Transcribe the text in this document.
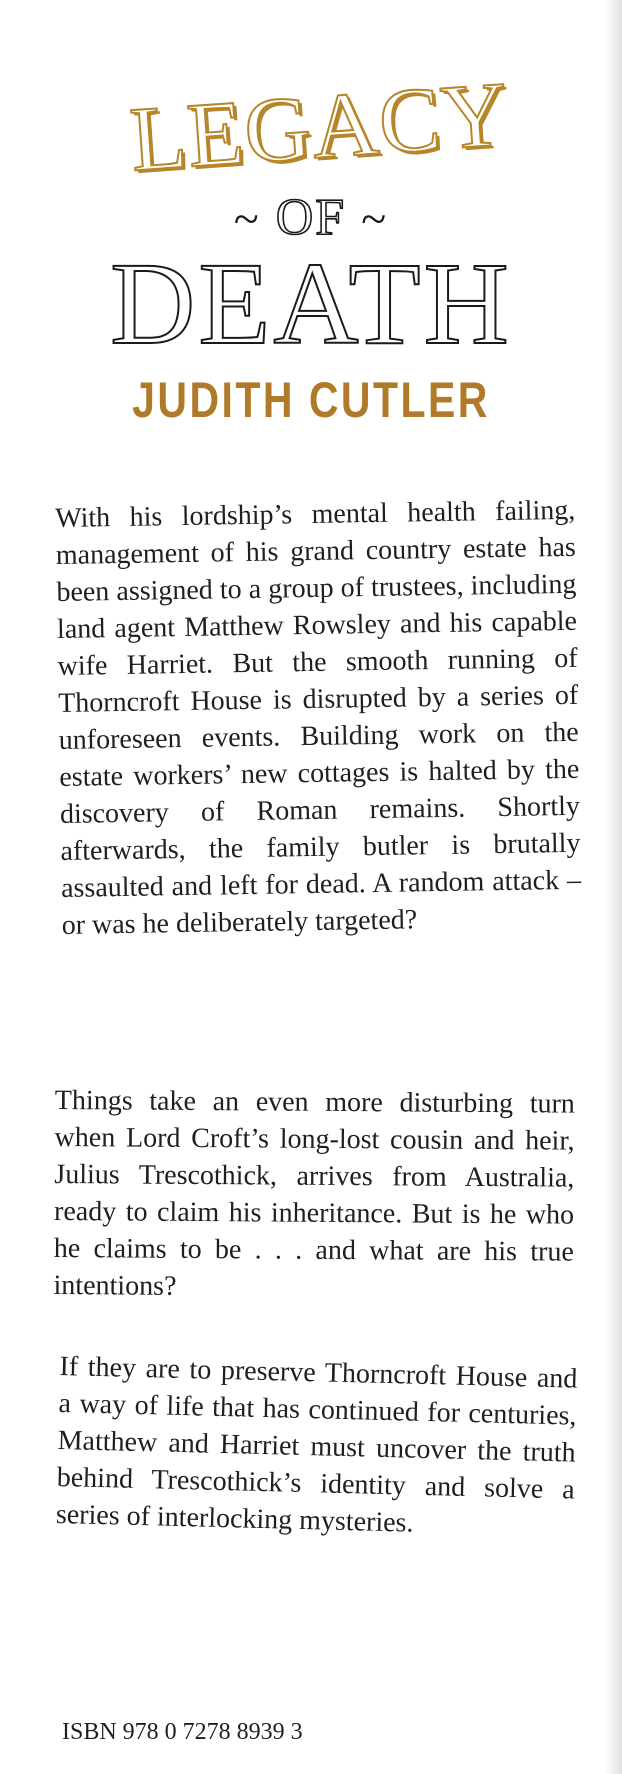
LEGACY
~ OF ~
DEATH
JUDITH CUTLER

With his lordship’s mental health failing, management of his grand country estate has been assigned to a group of trustees, including land agent Matthew Rowsley and his capable wife Harriet. But the smooth running of Thorncroft House is disrupted by a series of unforeseen events. Building work on the estate workers’ new cottages is halted by the discovery of Roman remains. Shortly afterwards, the family butler is brutally assaulted and left for dead. A random attack – or was he deliberately targeted?

Things take an even more disturbing turn when Lord Croft’s long-lost cousin and heir, Julius Trescothick, arrives from Australia, ready to claim his inheritance. But is he who he claims to be . . . and what are his true intentions?

If they are to preserve Thorncroft House and a way of life that has continued for centuries, Matthew and Harriet must uncover the truth behind Trescothick’s identity and solve a series of interlocking mysteries.

ISBN 978 0 7278 8939 3
